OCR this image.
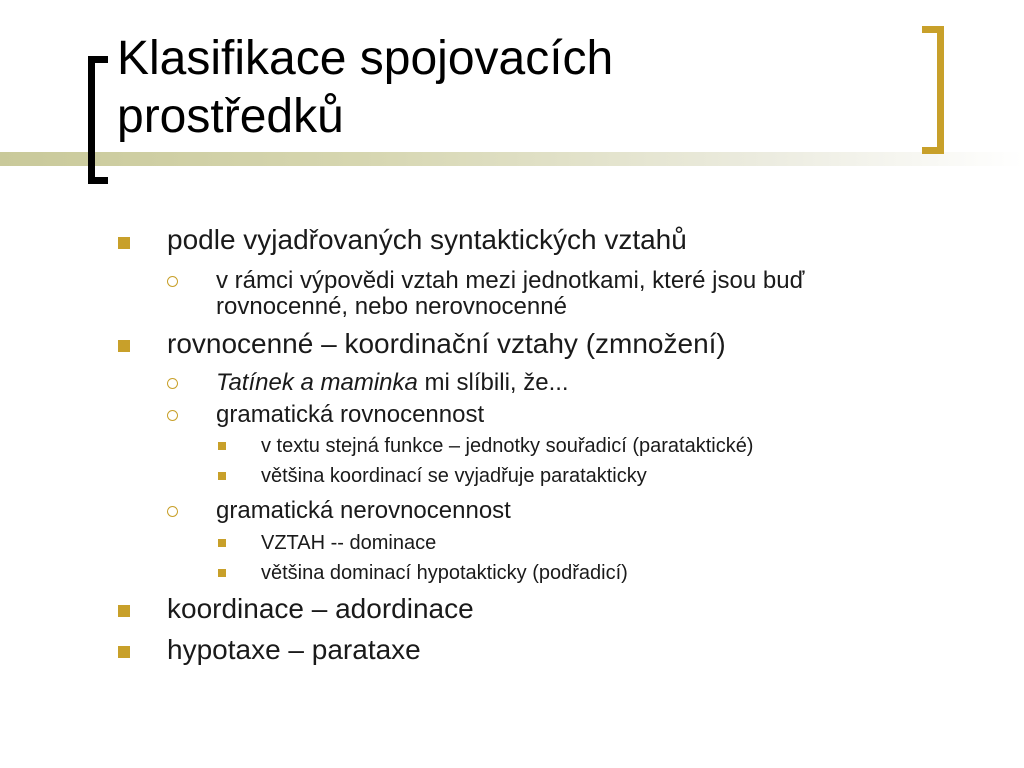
Klasifikace spojovacích
prostředků
podle vyjadřovaných syntaktických vztahů
v rámci výpovědi vztah mezi jednotkami, které jsou buď rovnocenné, nebo nerovnocenné
rovnocenné – koordinační vztahy (zmnožení)
Tatínek a maminka mi slíbili, že...
gramatická rovnocennost
v textu stejná funkce – jednotky souřadicí (parataktické)
většina koordinací se vyjadřuje paratakticky
gramatická nerovnocennost
VZTAH -- dominace
většina dominací hypotakticky (podřadicí)
koordinace – adordinace
hypotaxe – parataxe
